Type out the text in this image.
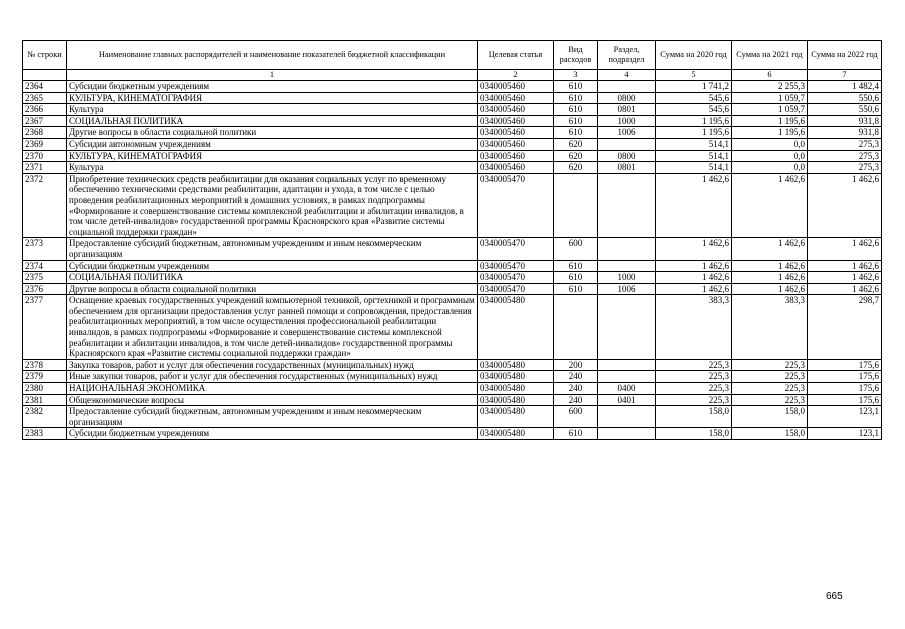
№ строки	Наименование главных распорядителей и наименование показателей бюджетной классификации	Целевая статья	Вид расходов	Раздел, подраздел	Сумма на 2020 год	Сумма на 2021 год	Сумма на 2022 год
	1	2	3	4	5	6	7
2364	Субсидии бюджетным учреждениям	0340005460	610		1 741,2	2 255,3	1 482,4
2365	КУЛЬТУРА, КИНЕМАТОГРАФИЯ	0340005460	610	0800	545,6	1 059,7	550,6
2366	Культура	0340005460	610	0801	545,6	1 059,7	550,6
2367	СОЦИАЛЬНАЯ ПОЛИТИКА	0340005460	610	1000	1 195,6	1 195,6	931,8
2368	Другие вопросы в области социальной политики	0340005460	610	1006	1 195,6	1 195,6	931,8
2369	Субсидии автономным учреждениям	0340005460	620		514,1	0,0	275,3
2370	КУЛЬТУРА, КИНЕМАТОГРАФИЯ	0340005460	620	0800	514,1	0,0	275,3
2371	Культура	0340005460	620	0801	514,1	0,0	275,3
2372	Приобретение технических средств реабилитации для оказания социальных услуг по временному обеспечению техническими средствами реабилитации, адаптации и ухода, в том числе с целью проведения реабилитационных мероприятий в домашних условиях, в рамках подпрограммы «Формирование и совершенствование системы комплексной реабилитации и абилитации инвалидов, в том числе детей-инвалидов» государственной программы Красноярского края «Развитие системы социальной поддержки граждан»	0340005470			1 462,6	1 462,6	1 462,6
2373	Предоставление субсидий бюджетным, автономным учреждениям и иным некоммерческим организациям	0340005470	600		1 462,6	1 462,6	1 462,6
2374	Субсидии бюджетным учреждениям	0340005470	610		1 462,6	1 462,6	1 462,6
2375	СОЦИАЛЬНАЯ ПОЛИТИКА	0340005470	610	1000	1 462,6	1 462,6	1 462,6
2376	Другие вопросы в области социальной политики	0340005470	610	1006	1 462,6	1 462,6	1 462,6
2377	Оснащение краевых государственных учреждений компьютерной техникой, оргтехникой и программным обеспечением для организации предоставления услуг ранней помощи и сопровождения, предоставления реабилитационных мероприятий, в том числе осуществления профессиональной реабилитации инвалидов, в рамках подпрограммы «Формирование и совершенствование системы комплексной реабилитации и абилитации инвалидов, в том числе детей-инвалидов» государственной программы Красноярского края «Развитие системы социальной поддержки граждан»	0340005480			383,3	383,3	298,7
2378	Закупка товаров, работ и услуг для обеспечения государственных (муниципальных) нужд	0340005480	200		225,3	225,3	175,6
2379	Иные закупки товаров, работ и услуг для обеспечения государственных (муниципальных) нужд	0340005480	240		225,3	225,3	175,6
2380	НАЦИОНАЛЬНАЯ ЭКОНОМИКА	0340005480	240	0400	225,3	225,3	175,6
2381	Общеэкономические вопросы	0340005480	240	0401	225,3	225,3	175,6
2382	Предоставление субсидий бюджетным, автономным учреждениям и иным некоммерческим организациям	0340005480	600		158,0	158,0	123,1
2383	Субсидии бюджетным учреждениям	0340005480	610		158,0	158,0	123,1
665
